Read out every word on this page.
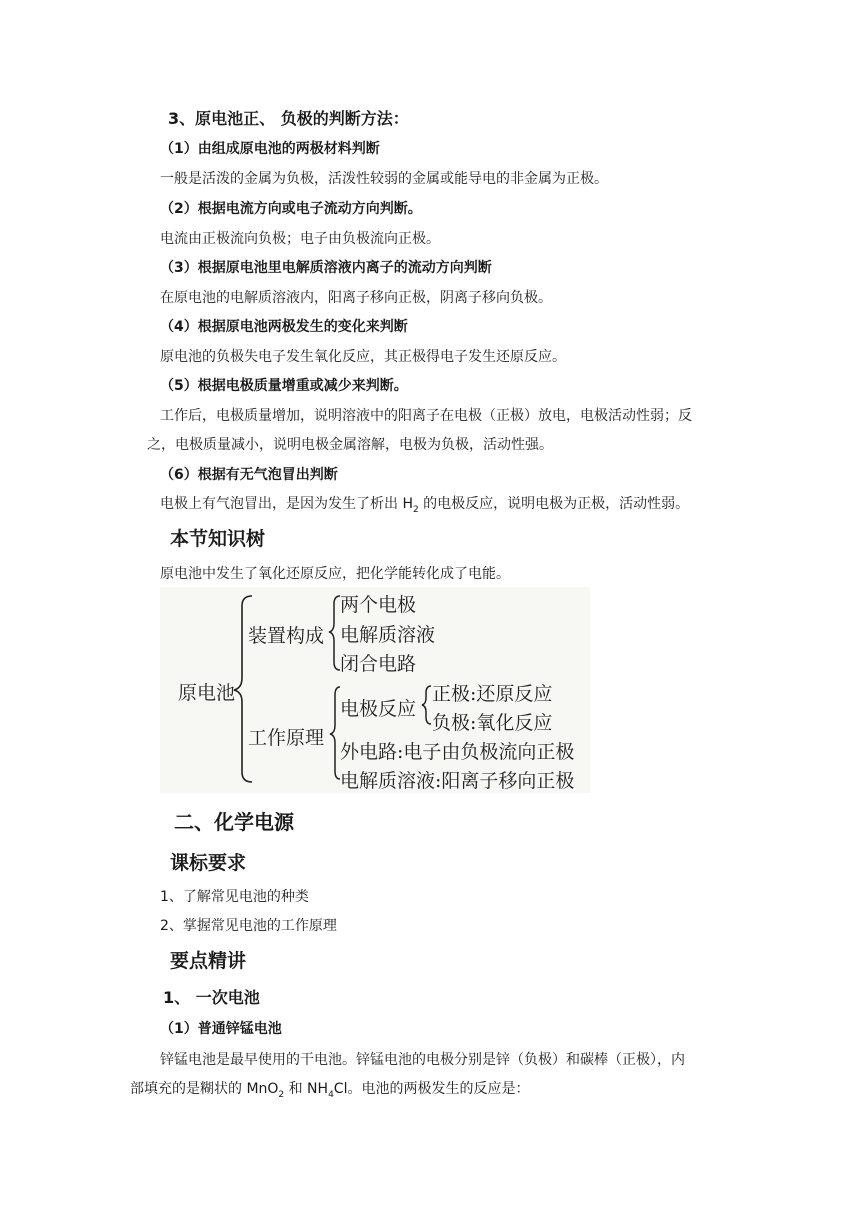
3、原电池正、 负极的判断方法：
（1）由组成原电池的两极材料判断
一般是活泼的金属为负极，活泼性较弱的金属或能导电的非金属为正极。
（2）根据电流方向或电子流动方向判断。
电流由正极流向负极；电子由负极流向正极。
（3）根据原电池里电解质溶液内离子的流动方向判断
在原电池的电解质溶液内，阳离子移向正极，阴离子移向负极。
（4）根据原电池两极发生的变化来判断
原电池的负极失电子发生氧化反应，其正极得电子发生还原反应。
（5）根据电极质量增重或减少来判断。
工作后，电极质量增加，说明溶液中的阳离子在电极（正极）放电，电极活动性弱；反
之，电极质量减小，说明电极金属溶解，电极为负极，活动性强。
（6）根据有无气泡冒出判断
电极上有气泡冒出，是因为发生了析出 $H_2$ 的电极反应，说明电极为正极，活动性弱。
本节知识树
原电池中发生了氧化还原反应，把化学能转化成了电能。
原电池
装置构成
两个电极
电解质溶液
闭合电路
工作原理
电极反应
正极:还原反应
负极:氧化反应
外电路:电子由负极流向正极
电解质溶液:阳离子移向正极
二、化学电源
课标要求
1、了解常见电池的种类
2、掌握常见电池的工作原理
要点精讲
1、 一次电池
（1）普通锌锰电池
锌锰电池是最早使用的干电池。锌锰电池的电极分别是锌（负极）和碳棒（正极），内
部填充的是糊状的 MnO$_2$ 和 $NH_4Cl$。电池的两极发生的反应是：
